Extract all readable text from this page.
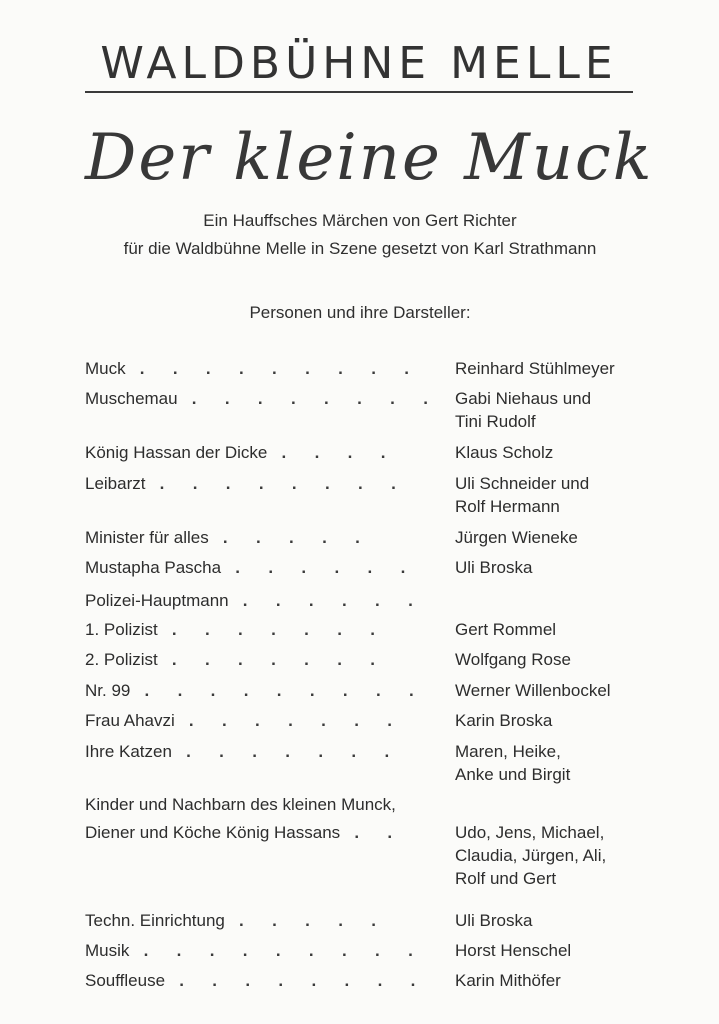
WALDBÜHNE MELLE
Der kleine Muck
Ein Hauffsches Märchen von Gert Richter
für die Waldbühne Melle in Szene gesetzt von Karl Strathmann
Personen und ihre Darsteller:
Muck   .      .      .      .      .      .      .      .      .	Reinhard Stühlmeyer
Muschemau   .      .      .      .      .      .      .      . Gabi Niehaus und
Tini Rudolf
König Hassan der Dicke   .      .      .      .	Klaus Scholz
Leibarzt   .      .      .      .      .      .      .      .	Uli Schneider und
Rolf Hermann
Minister für alles   .      .      .      .      .	Jürgen Wieneke
Mustapha Pascha   .      .      .      .      .      .	Uli Broska
Polizei-Hauptmann   .      .      .      .      .      .
1. Polizist   .      .      .      .      .      .      .	Gert Rommel
2. Polizist   .      .      .      .      .      .      .	Wolfgang Rose
Nr. 99   .      .      .      .      .      .      .      .      .	Werner Willenbockel
Frau Ahavzi   .      .      .      .      .      .      .	Karin Broska
Ihre Katzen   .      .      .      .      .      .      .	Maren, Heike,
Anke und Birgit
Kinder und Nachbarn des kleinen Munck,
Diener und Köche König Hassans   .      .	Udo, Jens, Michael,
Claudia, Jürgen, Ali,
Rolf und Gert
Techn. Einrichtung   .      .      .      .      .	Uli Broska
Musik   .      .      .      .      .      .      .      .      .	Horst Henschel
Souffleuse   .      .      .      .      .      .      .      .	Karin Mithöfer
